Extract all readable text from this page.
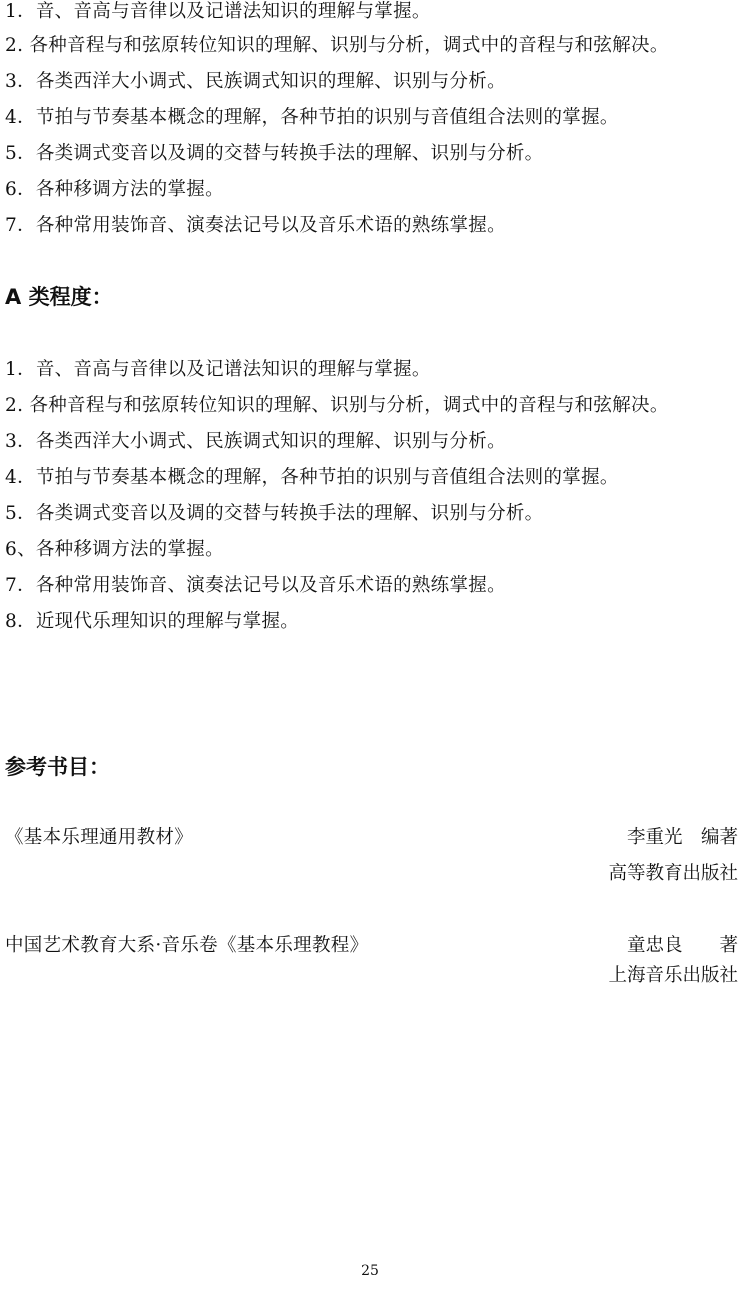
1．音、音高与音律以及记谱法知识的理解与掌握。
2. 各种音程与和弦原转位知识的理解、识别与分析，调式中的音程与和弦解决。
3．各类西洋大小调式、民族调式知识的理解、识别与分析。
4．节拍与节奏基本概念的理解，各种节拍的识别与音值组合法则的掌握。
5．各类调式变音以及调的交替与转换手法的理解、识别与分析。
6．各种移调方法的掌握。
7．各种常用装饰音、演奏法记号以及音乐术语的熟练掌握。
A 类程度：
1．音、音高与音律以及记谱法知识的理解与掌握。
2. 各种音程与和弦原转位知识的理解、识别与分析，调式中的音程与和弦解决。
3．各类西洋大小调式、民族调式知识的理解、识别与分析。
4．节拍与节奏基本概念的理解，各种节拍的识别与音值组合法则的掌握。
5．各类调式变音以及调的交替与转换手法的理解、识别与分析。
6、各种移调方法的掌握。
7．各种常用装饰音、演奏法记号以及音乐术语的熟练掌握。
8．近现代乐理知识的理解与掌握。
参考书目：
《基本乐理通用教材》	李重光　编著
高等教育出版社
中国艺术教育大系·音乐卷《基本乐理教程》	童忠良　　著
上海音乐出版社
25
